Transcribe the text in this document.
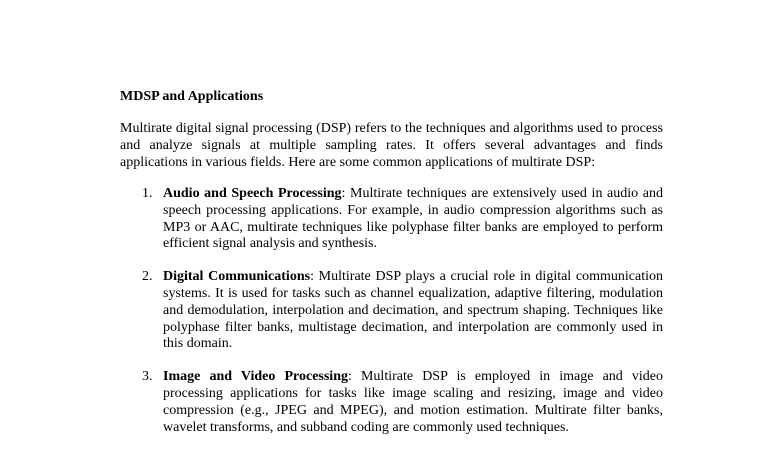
MDSP and Applications
Multirate digital signal processing (DSP) refers to the techniques and algorithms used to process and analyze signals at multiple sampling rates. It offers several advantages and finds applications in various fields. Here are some common applications of multirate DSP:
1. Audio and Speech Processing: Multirate techniques are extensively used in audio and speech processing applications. For example, in audio compression algorithms such as MP3 or AAC, multirate techniques like polyphase filter banks are employed to perform efficient signal analysis and synthesis.
2. Digital Communications: Multirate DSP plays a crucial role in digital communication systems. It is used for tasks such as channel equalization, adaptive filtering, modulation and demodulation, interpolation and decimation, and spectrum shaping. Techniques like polyphase filter banks, multistage decimation, and interpolation are commonly used in this domain.
3. Image and Video Processing: Multirate DSP is employed in image and video processing applications for tasks like image scaling and resizing, image and video compression (e.g., JPEG and MPEG), and motion estimation. Multirate filter banks, wavelet transforms, and subband coding are commonly used techniques.
